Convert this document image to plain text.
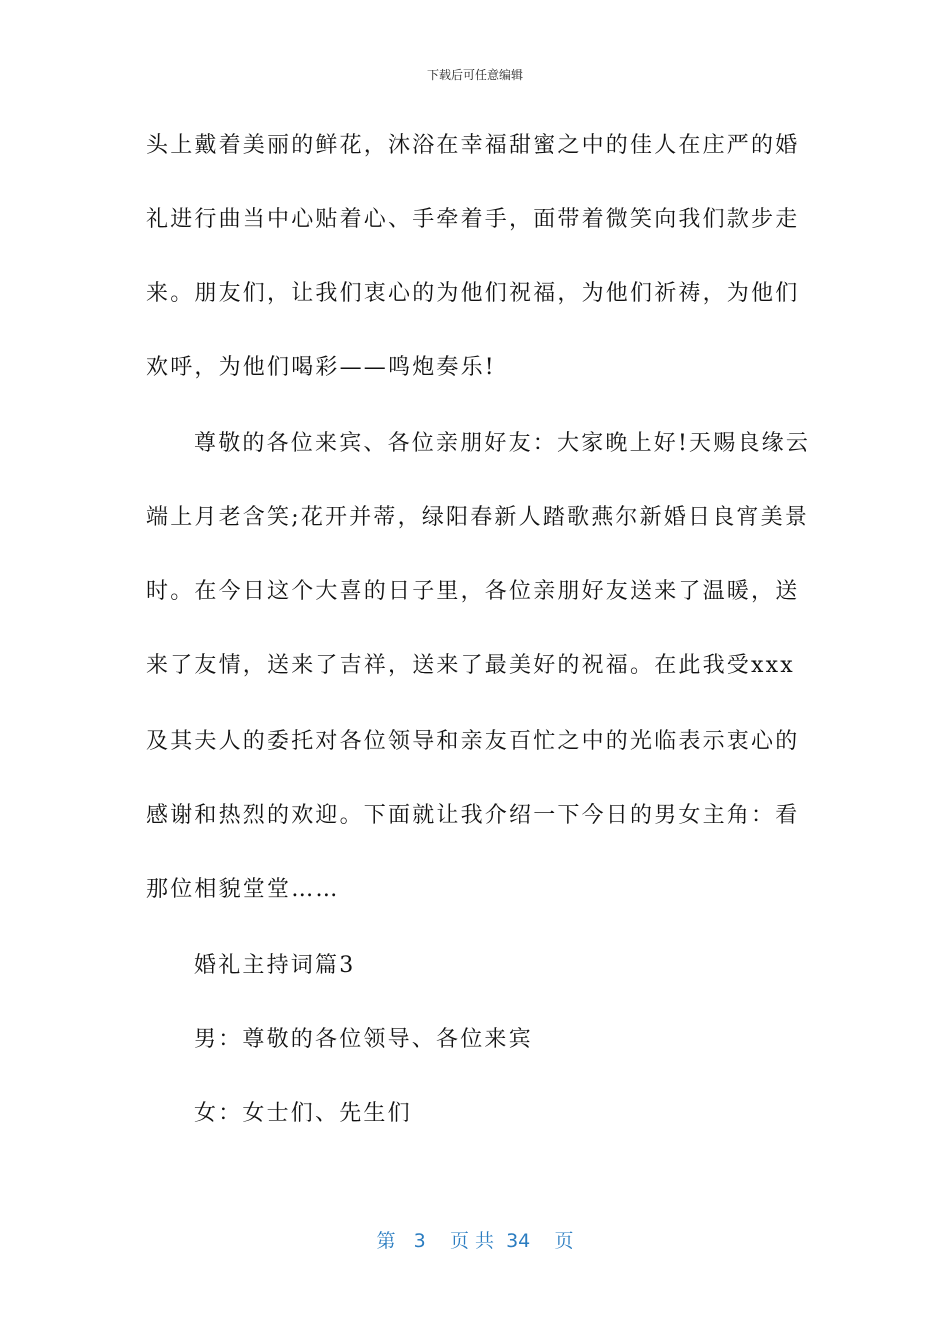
下载后可任意编辑
头上戴着美丽的鲜花，沐浴在幸福甜蜜之中的佳人在庄严的婚
礼进行曲当中心贴着心、手牵着手，面带着微笑向我们款步走
来。朋友们，让我们衷心的为他们祝福，为他们祈祷，为他们
欢呼，为他们喝彩——鸣炮奏乐!
尊敬的各位来宾、各位亲朋好友：大家晚上好!天赐良缘云
端上月老含笑;花开并蒂，绿阳春新人踏歌燕尔新婚日良宵美景
时。在今日这个大喜的日子里，各位亲朋好友送来了温暖，送
来了友情，送来了吉祥，送来了最美好的祝福。在此我受xxx
及其夫人的委托对各位领导和亲友百忙之中的光临表示衷心的
感谢和热烈的欢迎。下面就让我介绍一下今日的男女主角：看
那位相貌堂堂……
婚礼主持词篇3
男：尊敬的各位领导、各位来宾
女：女士们、先生们
第 3 页 共 34 页
